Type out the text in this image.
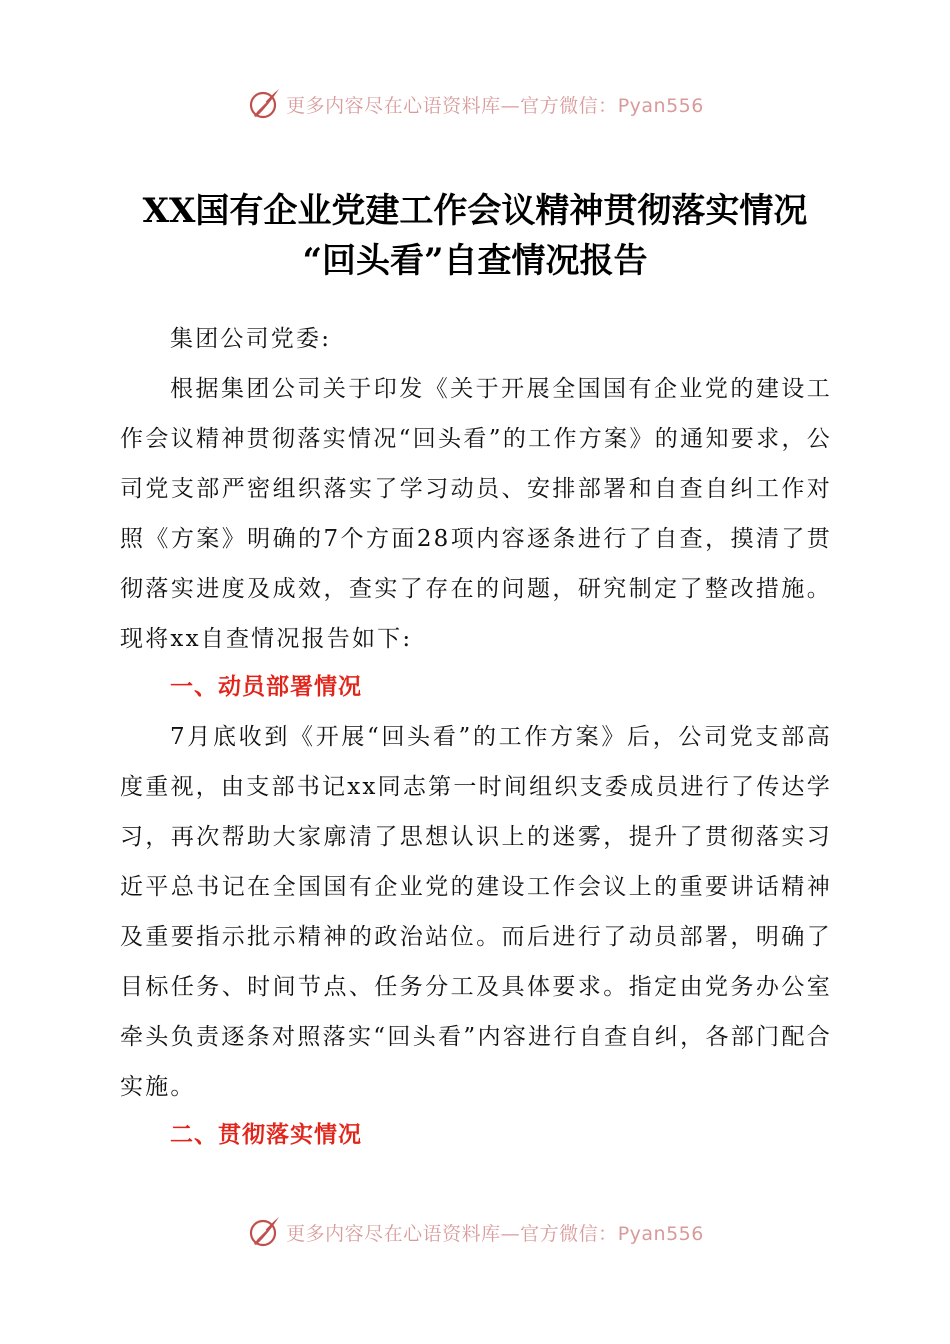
更多内容尽在心语资料库—官方微信：Pyan556
XX国有企业党建工作会议精神贯彻落实情况
“回头看”自查情况报告

集团公司党委:

根据集团公司关于印发《关于开展全国国有企业党的建设工作会议精神贯彻落实情况“回头看”的工作方案》的通知要求，公司党支部严密组织落实了学习动员、安排部署和自查自纠工作对照《方案》明确的7个方面28项内容逐条进行了自查，摸清了贯彻落实进度及成效，查实了存在的问题，研究制定了整改措施。现将xx自查情况报告如下:

一、动员部署情况

7月底收到《开展“回头看”的工作方案》后，公司党支部高度重视，由支部书记xx同志第一时间组织支委成员进行了传达学习，再次帮助大家廓清了思想认识上的迷雾，提升了贯彻落实习近平总书记在全国国有企业党的建设工作会议上的重要讲话精神及重要指示批示精神的政治站位。而后进行了动员部署，明确了目标任务、时间节点、任务分工及具体要求。指定由党务办公室牵头负责逐条对照落实“回头看”内容进行自查自纠，各部门配合实施。

二、贯彻落实情况
更多内容尽在心语资料库—官方微信：Pyan556
